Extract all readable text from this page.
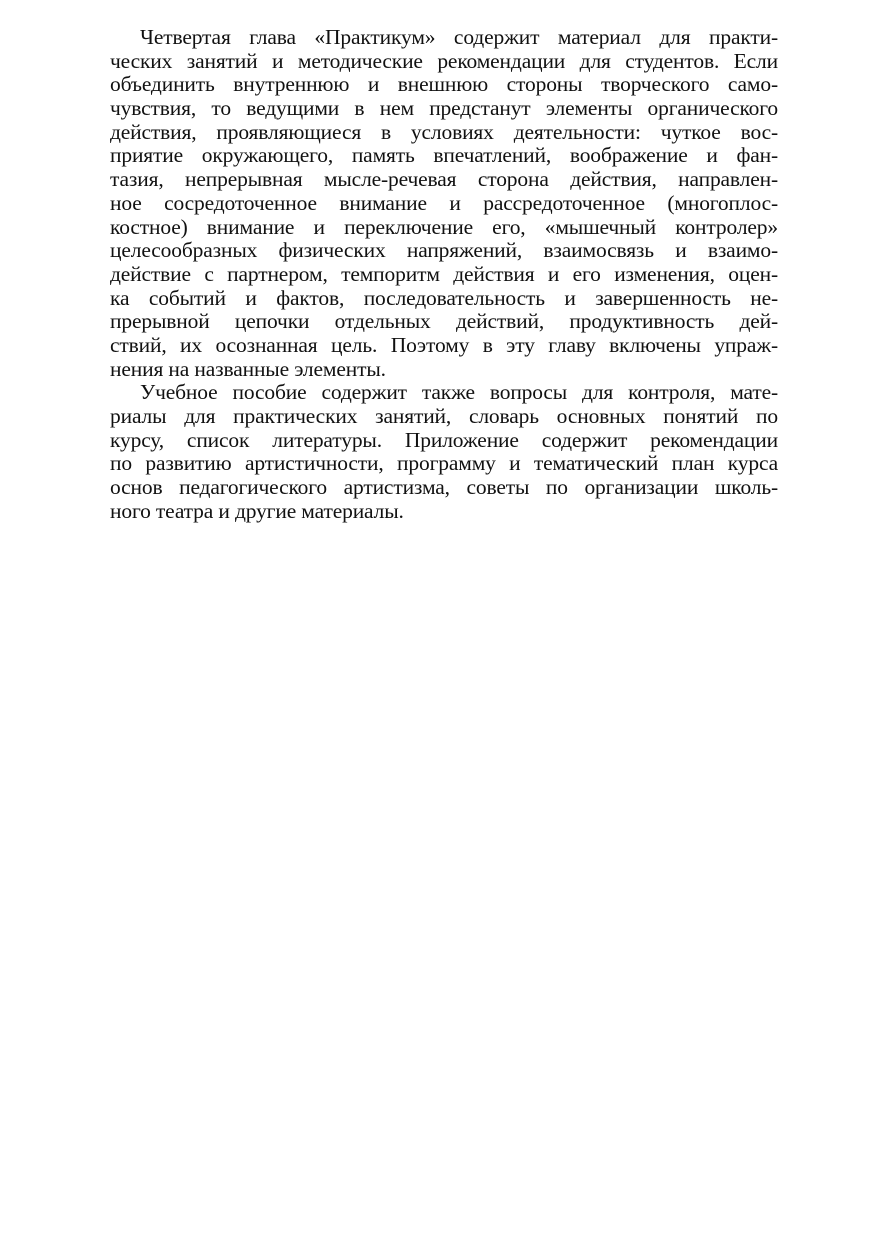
Четвертая глава «Практикум» содержит материал для практи-
ческих занятий и методические рекомендации для студентов. Если
объединить внутреннюю и внешнюю стороны творческого само-
чувствия, то ведущими в нем предстанут элементы органического
действия, проявляющиеся в условиях деятельности: чуткое вос-
приятие окружающего, память впечатлений, воображение и фан-
тазия, непрерывная мысле-речевая сторона действия, направлен-
ное сосредоточенное внимание и рассредоточенное (многоплос-
костное) внимание и переключение его, «мышечный контролер»
целесообразных физических напряжений, взаимосвязь и взаимо-
действие с партнером, темпоритм действия и его изменения, оцен-
ка событий и фактов, последовательность и завершенность не-
прерывной цепочки отдельных действий, продуктивность дей-
ствий, их осознанная цель. Поэтому в эту главу включены упраж-
нения на названные элементы.
Учебное пособие содержит также вопросы для контроля, мате-
риалы для практических занятий, словарь основных понятий по
курсу, список литературы. Приложение содержит рекомендации
по развитию артистичности, программу и тематический план курса
основ педагогического артистизма, советы по организации школь-
ного театра и другие материалы.
